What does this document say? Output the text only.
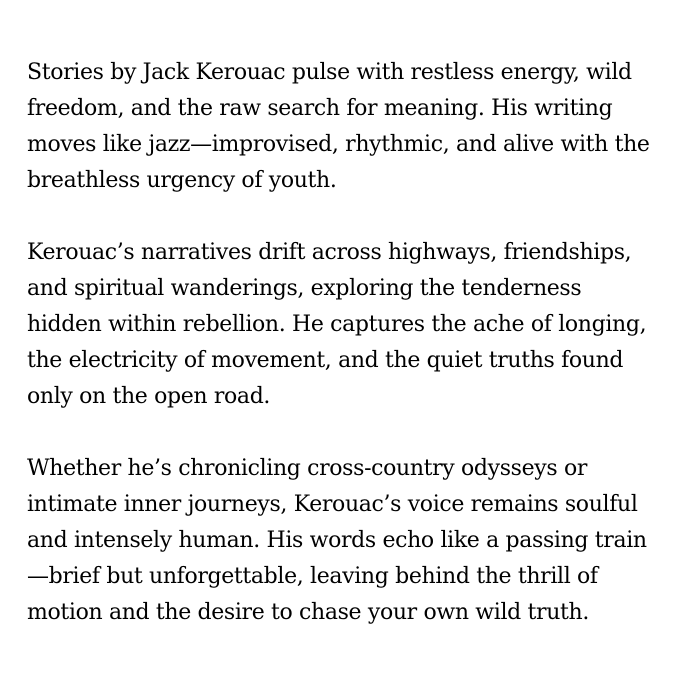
Stories by Jack Kerouac pulse with restless energy, wild
freedom, and the raw search for meaning. His writing
moves like jazz—improvised, rhythmic, and alive with the
breathless urgency of youth.

Kerouac’s narratives drift across highways, friendships,
and spiritual wanderings, exploring the tenderness
hidden within rebellion. He captures the ache of longing,
the electricity of movement, and the quiet truths found
only on the open road.

Whether he’s chronicling cross-country odysseys or
intimate inner journeys, Kerouac’s voice remains soulful
and intensely human. His words echo like a passing train
—brief but unforgettable, leaving behind the thrill of
motion and the desire to chase your own wild truth.
